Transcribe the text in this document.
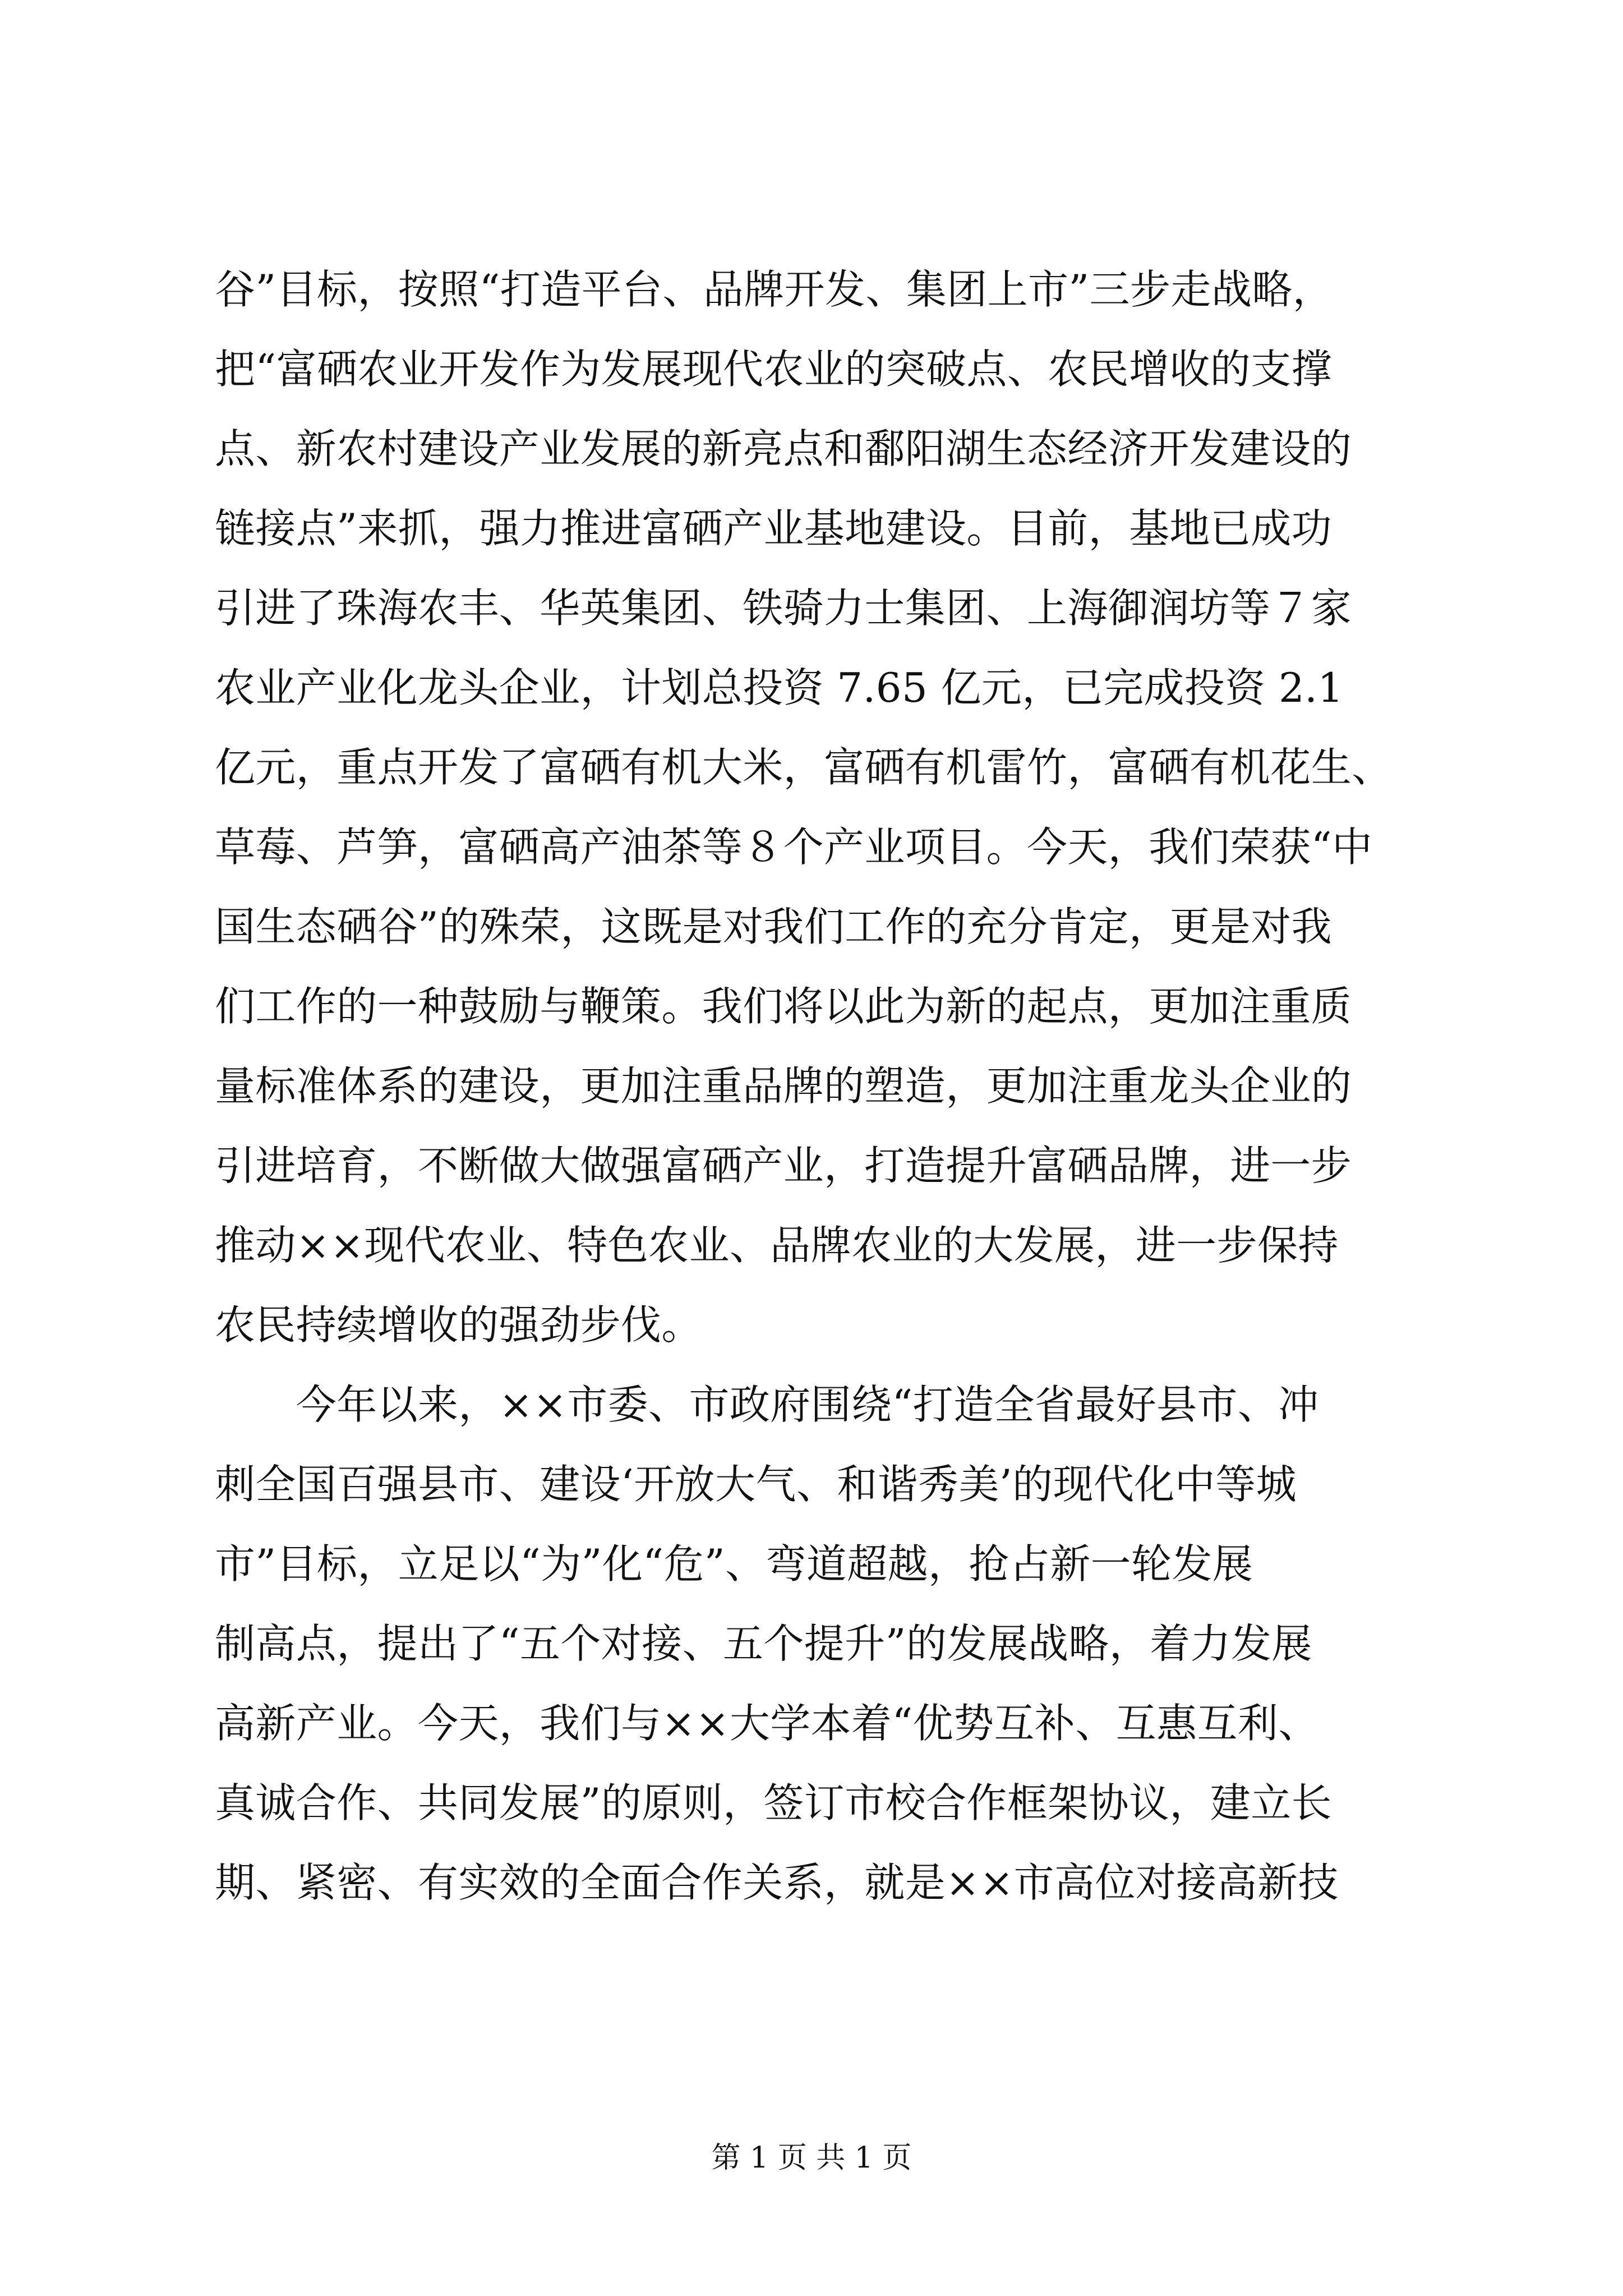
谷”目标，按照“打造平台、品牌开发、集团上市”三步走战略，
把“富硒农业开发作为发展现代农业的突破点、农民增收的支撑
点、新农村建设产业发展的新亮点和鄱阳湖生态经济开发建设的
链接点”来抓，强力推进富硒产业基地建设。目前，基地已成功
引进了珠海农丰、华英集团、铁骑力士集团、上海御润坊等７家
农业产业化龙头企业，计划总投资 7.65 亿元，已完成投资 2.1
亿元，重点开发了富硒有机大米，富硒有机雷竹，富硒有机花生、
草莓、芦笋，富硒高产油茶等８个产业项目。今天，我们荣获“中
国生态硒谷”的殊荣，这既是对我们工作的充分肯定，更是对我
们工作的一种鼓励与鞭策。我们将以此为新的起点，更加注重质
量标准体系的建设，更加注重品牌的塑造，更加注重龙头企业的
引进培育，不断做大做强富硒产业，打造提升富硒品牌，进一步
推动××现代农业、特色农业、品牌农业的大发展，进一步保持
农民持续增收的强劲步伐。
　　今年以来，××市委、市政府围绕“打造全省最好县市、冲
刺全国百强县市、建设‘开放大气、和谐秀美’的现代化中等城
市”目标，立足以“为”化“危”、弯道超越，抢占新一轮发展
制高点，提出了“五个对接、五个提升”的发展战略，着力发展
高新产业。今天，我们与××大学本着“优势互补、互惠互利、
真诚合作、共同发展”的原则，签订市校合作框架协议，建立长
期、紧密、有实效的全面合作关系，就是××市高位对接高新技
第 1 页 共 1 页
